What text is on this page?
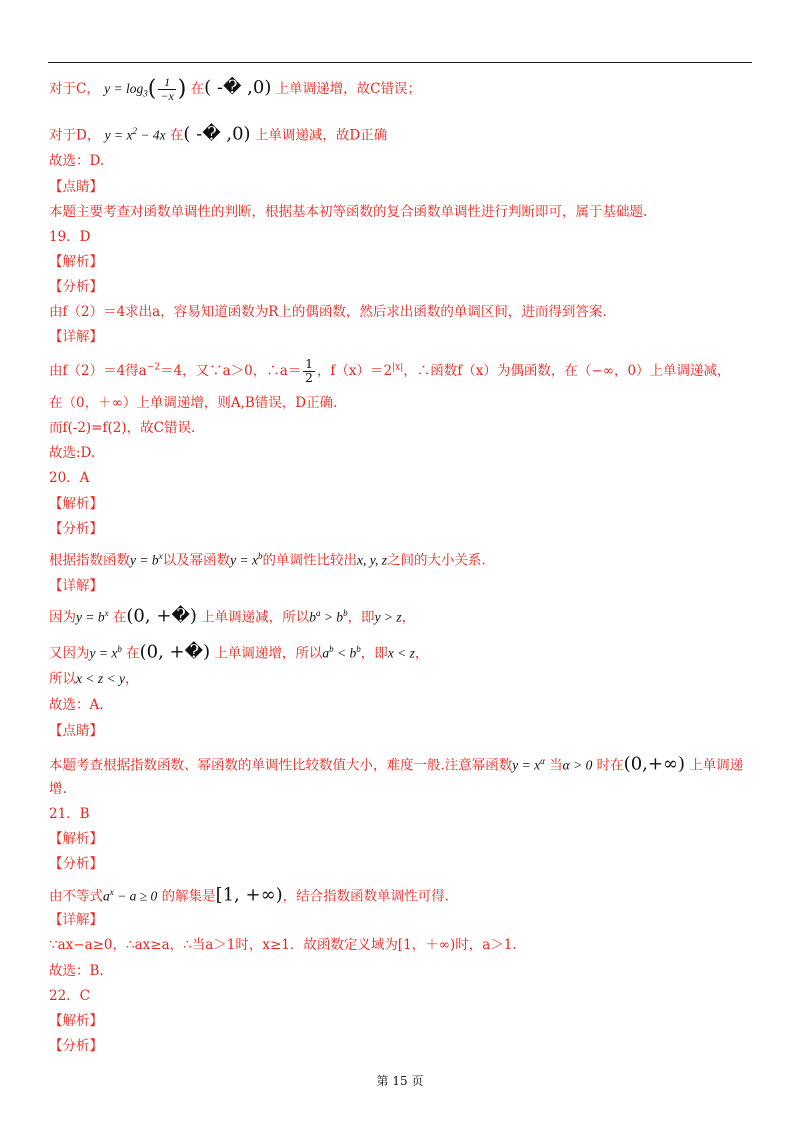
对于C， $y = \log_3( \frac{1}{-x}$ ) 在( -� ,0) 上单调递增，故C错误；
对于D， $y = x^2 - 4x$ 在( -� ,0) 上单调递减，故D正确
故选：D.
【点睛】
本题主要考查对函数单调性的判断，根据基本初等函数的复合函数单调性进行判断即可，属于基础题.
19．D
【解析】
【分析】
由f（2）＝4求出a，容易知道函数为R上的偶函数，然后求出函数的单调区间，进而得到答案.
【详解】
由f（2）＝4得$a^{-2}=4$，又∵a＞0，∴a＝ $\frac{1}{2}$ ，$f(x)=2^{|x|}$，∴函数f（x）为偶函数，在（−∞，0）上单调递减，
在（0，＋∞）上单调递增，则A,B错误，D正确.
而f(-2)=f(2)，故C错误.
故选:D.
20．A
【解析】
【分析】
根据指数函数$y = b^x$以及幂函数$y = x^b$的单调性比较出x, y, z之间的大小关系.
【详解】
因为$y = b^x$ 在(0, +�) 上单调递减，所以$b^a > b^b$，即y > z，
又因为$y = x^b$ 在(0, +�) 上单调递增，所以$a^b < b^b$，即x < z，
所以x < z < y，
故选：A.
【点睛】
本题考查根据指数函数、幂函数的单调性比较数值大小，难度一般.注意幂函数$y = x^\alpha$ 当α > 0 时在(0,+∞) 上单调递
增.
21．B
【解析】
【分析】
由不等式$a^x - a \ge 0$ 的解集是[1, +∞)，结合指数函数单调性可得.
【详解】
∵ax−a≥0，∴ax≥a，∴当a＞1时，x≥1．故函数定义域为[1，＋∞)时，a＞1.
故选：B.
22．C
【解析】
【分析】
第 15 页
